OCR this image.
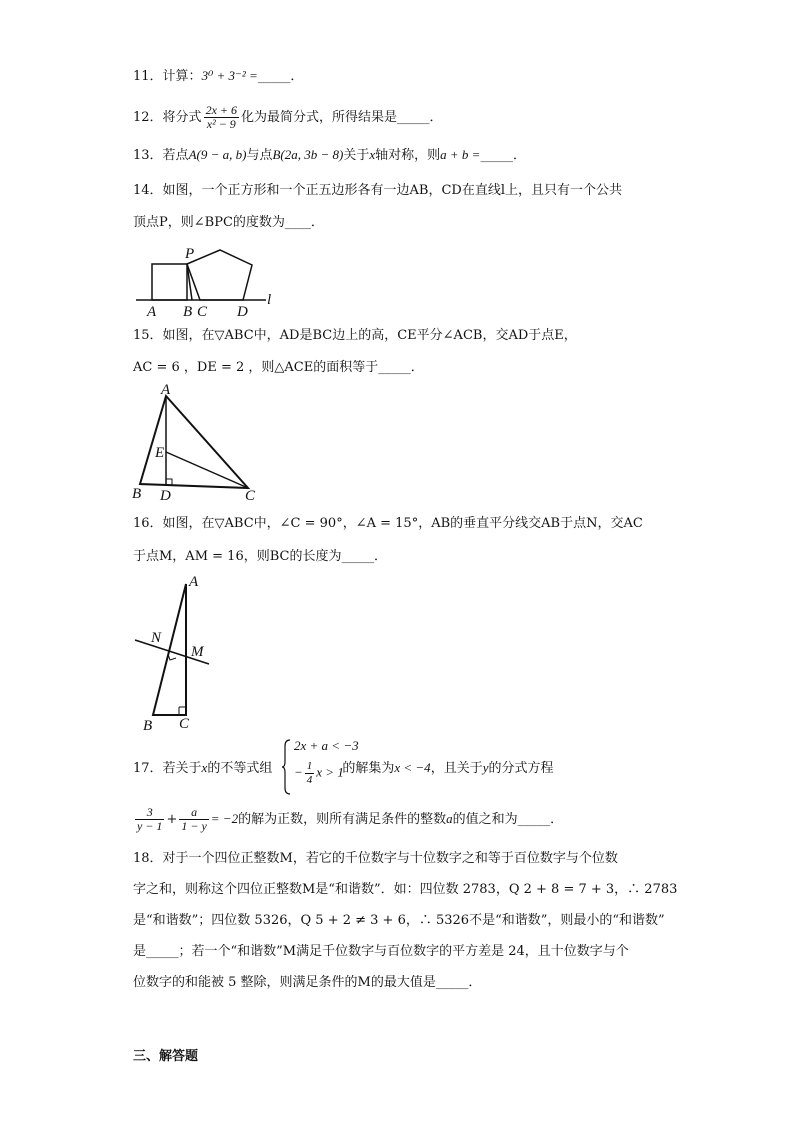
11．计算：3⁰ + 3⁻² =_____．
12．将分式 $\frac{2x + 6}{\text{x² − 9}}$ 化为最简分式，所得结果是_____．
13．若点A(9 − a, b)与点B(2a, 3b − 8)关于x轴对称，则a + b =_____．
14．如图，一个正方形和一个正五边形各有一边AB，CD在直线l上，且只有一个公共
顶点P，则∠BPC的度数为____．
P
A B C D
l
15．如图，在▽ABC中，AD是BC边上的高，CE平分∠ACB，交AD于点E，
AC = 6 ，DE = 2 ，则△ACE的面积等于_____．
A
E
B D	C
16．如图，在▽ABC中，∠C = 90°，∠A = 15°，AB的垂直平分线交AB于点N，交AC
于点M，AM = 16，则BC的长度为_____．
A
N
M
B C
17．若关于x的不等式组	的解集为x < −4，且关于y的分式方程
2x + a < −3
− $\frac{1}{4}$ x > 1
$\frac{3}{y - 1} + \frac{a}{1 - y} = -2$的解为正数，则所有满足条件的整数a的值之和为_____．
18．对于一个四位正整数M，若它的千位数字与十位数字之和等于百位数字与个位数
字之和，则称这个四位正整数M是“和谐数”．如：四位数 2783，Q 2 + 8 = 7 + 3，∴ 2783
是“和谐数”；四位数 5326，Q 5 + 2 ≠ 3 + 6，∴ 5326不是“和谐数”，则最小的“和谐数”
是_____；若一个“和谐数”M满足千位数字与百位数字的平方差是 24，且十位数字与个
位数字的和能被 5 整除，则满足条件的M的最大值是_____．
三、解答题
